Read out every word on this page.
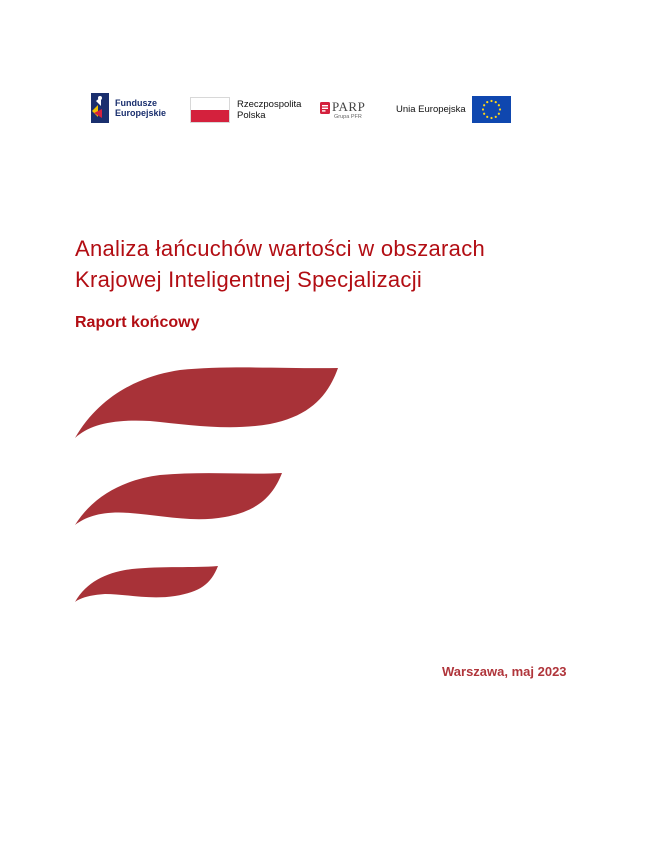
Fundusze
Europejskie
Rzeczpospolita
Polska
PARP
Grupa PFR
Unia Europejska
Analiza łańcuchów wartości w obszarach
Krajowej Inteligentnej Specjalizacji
Raport końcowy
Warszawa, maj 2023
